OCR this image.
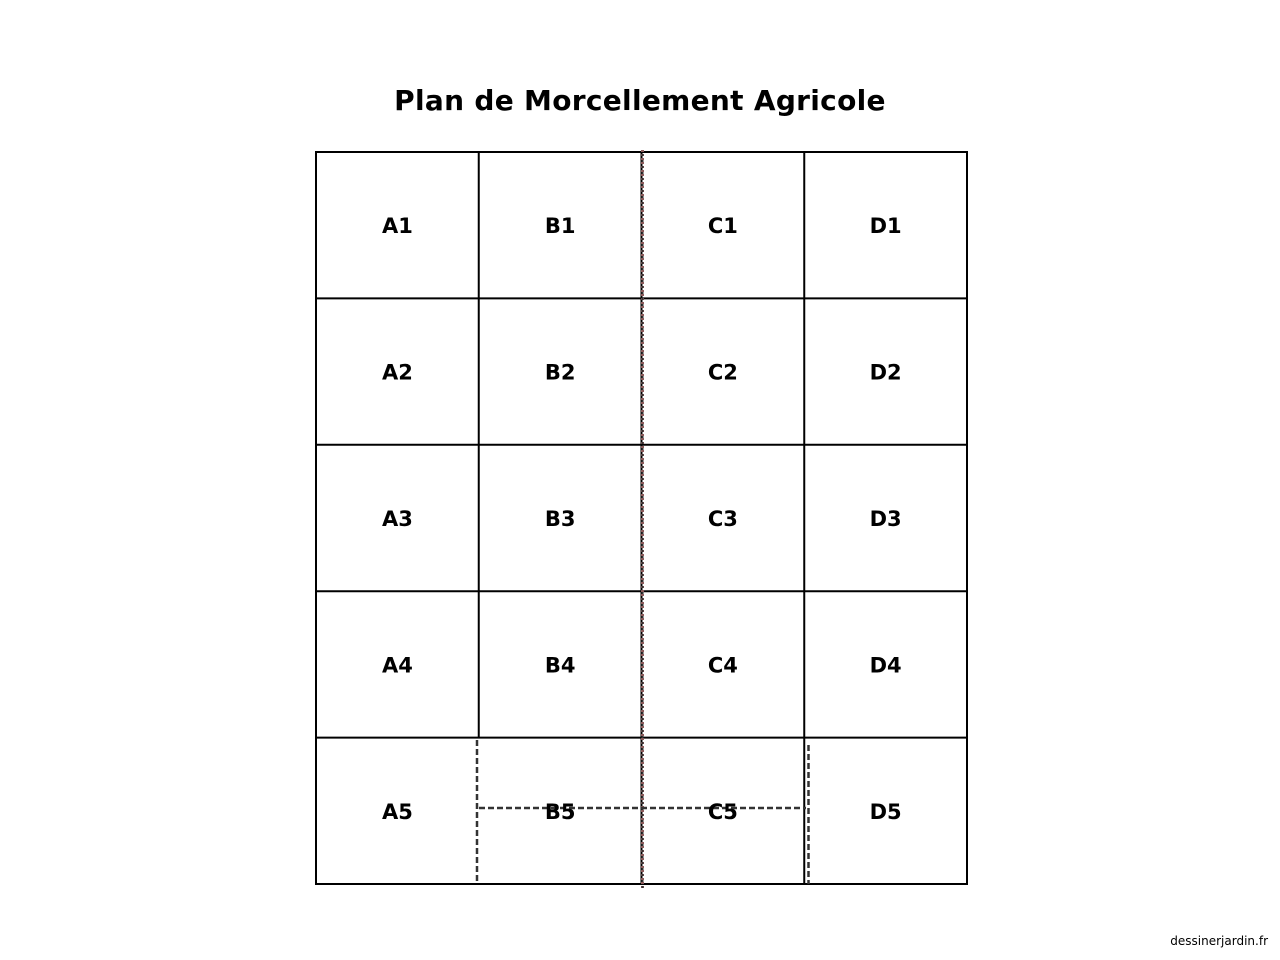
Plan de Morcellement Agricole
A1	B1	C1	D1
A2	B2	C2	D2
A3	B3	C3	D3
A4	B4	C4	D4
A5	B5	C5	D5
dessinerjardin.fr
